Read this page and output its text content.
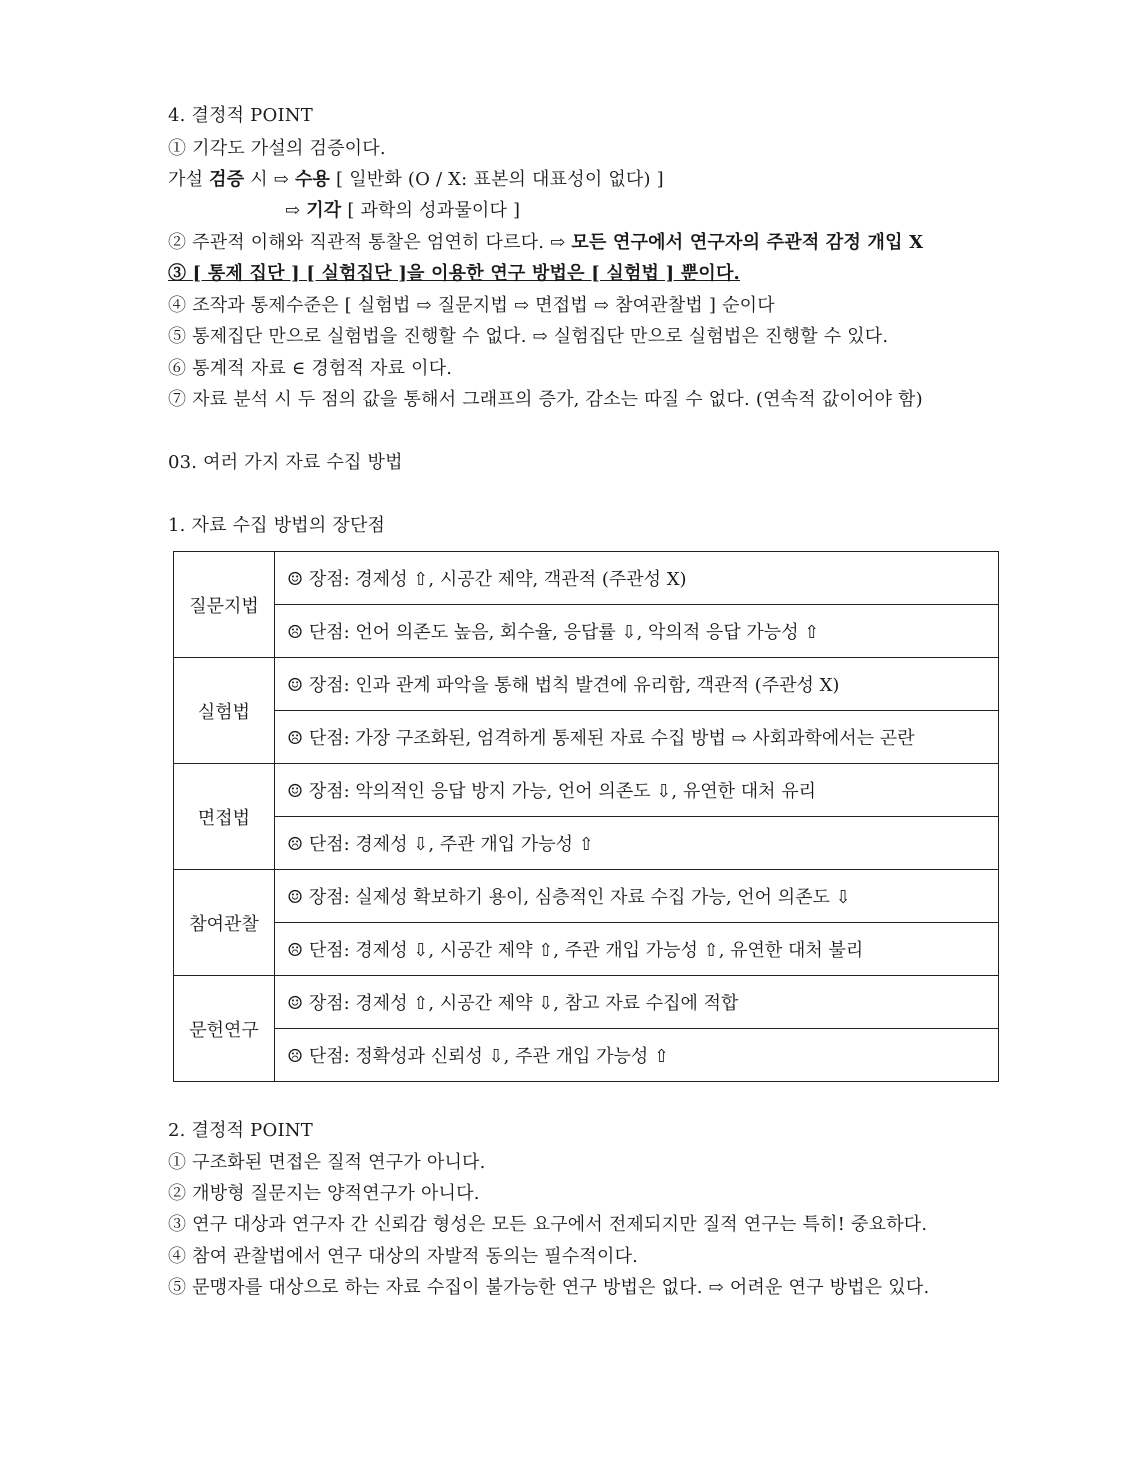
4. 결정적 POINT
① 기각도 가설의 검증이다.
가설 검증 시 ⇨ 수용 [ 일반화 (O / X: 표본의 대표성이 없다) ]
⇨ 기각 [ 과학의 성과물이다 ]
② 주관적 이해와 직관적 통찰은 엄연히 다르다. ⇨ 모든 연구에서 연구자의 주관적 감정 개입 X
③ [ 통제 집단 ] [ 실험집단 ]을 이용한 연구 방법은 [ 실험법 ] 뿐이다.
④ 조작과 통제수준은 [ 실험법 ⇨ 질문지법 ⇨ 면접법 ⇨ 참여관찰법 ] 순이다
⑤ 통제집단 만으로 실험법을 진행할 수 없다. ⇨ 실험집단 만으로 실험법은 진행할 수 있다.
⑥ 통계적 자료 ∈ 경험적 자료 이다.
⑦ 자료 분석 시 두 점의 값을 통해서 그래프의 증가, 감소는 따질 수 없다. (연속적 값이어야 함)
03. 여러 가지 자료 수집 방법
1. 자료 수집 방법의 장단점
질문지법	☺ 장점: 경제성 ⇧, 시공간 제약, 객관적 (주관성 X)
	☹ 단점: 언어 의존도 높음, 회수율, 응답률 ⇩, 악의적 응답 가능성 ⇧
실험법	☺ 장점: 인과 관계 파악을 통해 법칙 발견에 유리함, 객관적 (주관성 X)
	☹ 단점: 가장 구조화된, 엄격하게 통제된 자료 수집 방법 ⇨ 사회과학에서는 곤란
면접법	☺ 장점: 악의적인 응답 방지 가능, 언어 의존도 ⇩, 유연한 대처 유리
	☹ 단점: 경제성 ⇩, 주관 개입 가능성 ⇧
참여관찰	☺ 장점: 실제성 확보하기 용이, 심층적인 자료 수집 가능, 언어 의존도 ⇩
	☹ 단점: 경제성 ⇩, 시공간 제약 ⇧, 주관 개입 가능성 ⇧, 유연한 대처 불리
문헌연구	☺ 장점: 경제성 ⇧, 시공간 제약 ⇩, 참고 자료 수집에 적합
	☹ 단점: 정확성과 신뢰성 ⇩, 주관 개입 가능성 ⇧
2. 결정적 POINT
① 구조화된 면접은 질적 연구가 아니다.
② 개방형 질문지는 양적연구가 아니다.
③ 연구 대상과 연구자 간 신뢰감 형성은 모든 요구에서 전제되지만 질적 연구는 특히! 중요하다.
④ 참여 관찰법에서 연구 대상의 자발적 동의는 필수적이다.
⑤ 문맹자를 대상으로 하는 자료 수집이 불가능한 연구 방법은 없다. ⇨ 어려운 연구 방법은 있다.
